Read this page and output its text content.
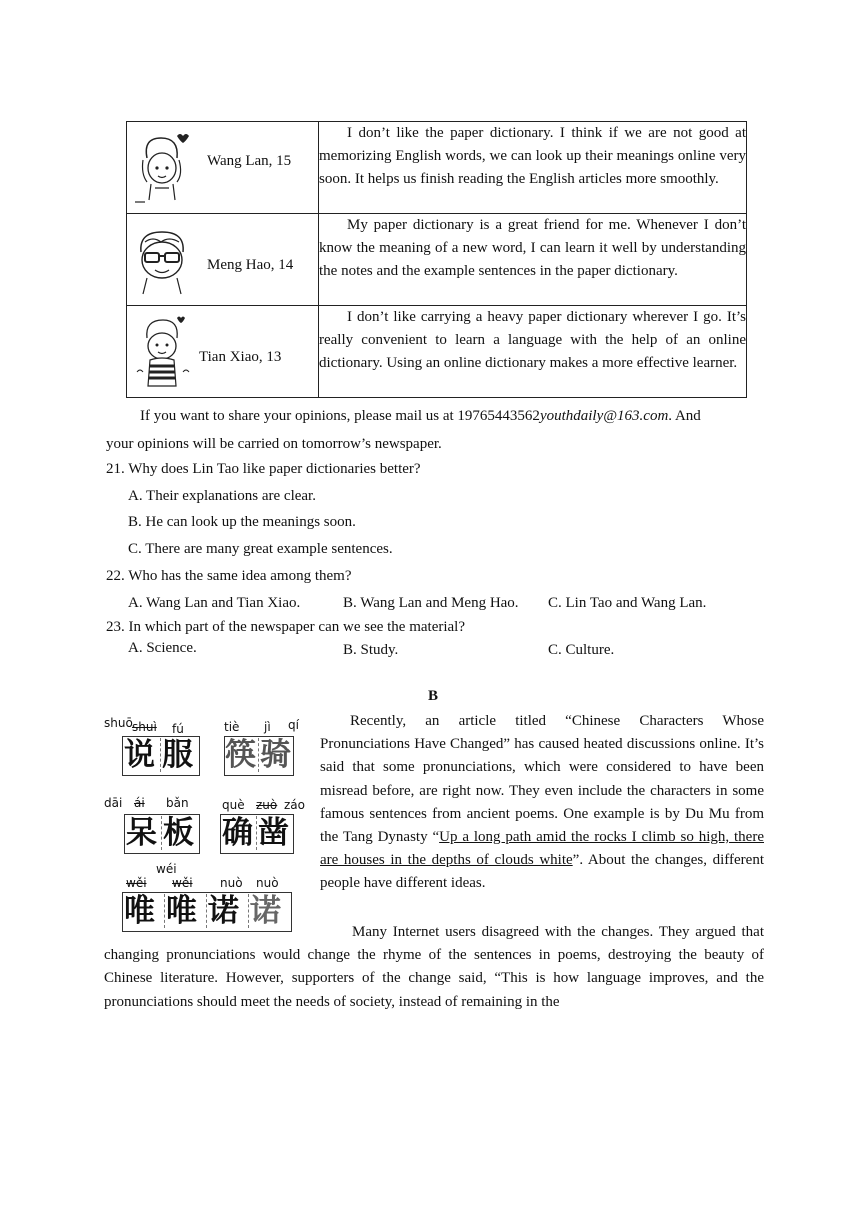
Wang Lan, 15	I don’t like the paper dictionary. I think if we are not good at memorizing English words, we can look up their meanings online very soon. It helps us finish reading the English articles more smoothly.

Meng Hao, 14	My paper dictionary is a great friend for me. Whenever I don’t know the meaning of a new word, I can learn it well by understanding the notes and the example sentences in the paper dictionary.

Tian Xiao, 13	I don’t like carrying a heavy paper dictionary wherever I go. It’s really convenient to learn a language with the help of an online dictionary. Using an online dictionary makes a more effective learner.
If you want to share your opinions, please mail us at 19765443562youthdaily@163.com. And
your opinions will be carried on tomorrow’s newspaper.
21. Why does Lin Tao like paper dictionaries better?
A. Their explanations are clear.
B. He can look up the meanings soon.
C. There are many great example sentences.
22. Who has the same idea among them?
A. Wang Lan and Tian Xiao.	B. Wang Lan and Meng Hao. C. Lin Tao and Wang Lan.
23. In which part of the newspaper can we see the material?
A. Science.	B. Study.	C. Culture.
B
shuō shuì fú	tiè jì qí
说 服 筷 骑
dāi ái bǎn	què zuò záo
呆 板 确 凿
wéi
wěi wěi nuò nuò
唯 唯 诺 诺
Recently, an article titled “Chinese Characters Whose Pronunciations Have Changed” has caused heated discussions online. It’s said that some pronunciations, which were considered to have been misread before, are right now. They even include the characters in some famous sentences from ancient poems. One example is by Du Mu from the Tang Dynasty “Up a long path amid the rocks I climb so high, there are houses in the depths of clouds white”. About the changes, different people have different ideas.
Many Internet users disagreed with the changes. They argued that changing pronunciations would change the rhyme of the sentences in poems, destroying the beauty of Chinese literature. However, supporters of the change said, “This is how language improves, and the pronunciations should meet the needs of society, instead of remaining in the
